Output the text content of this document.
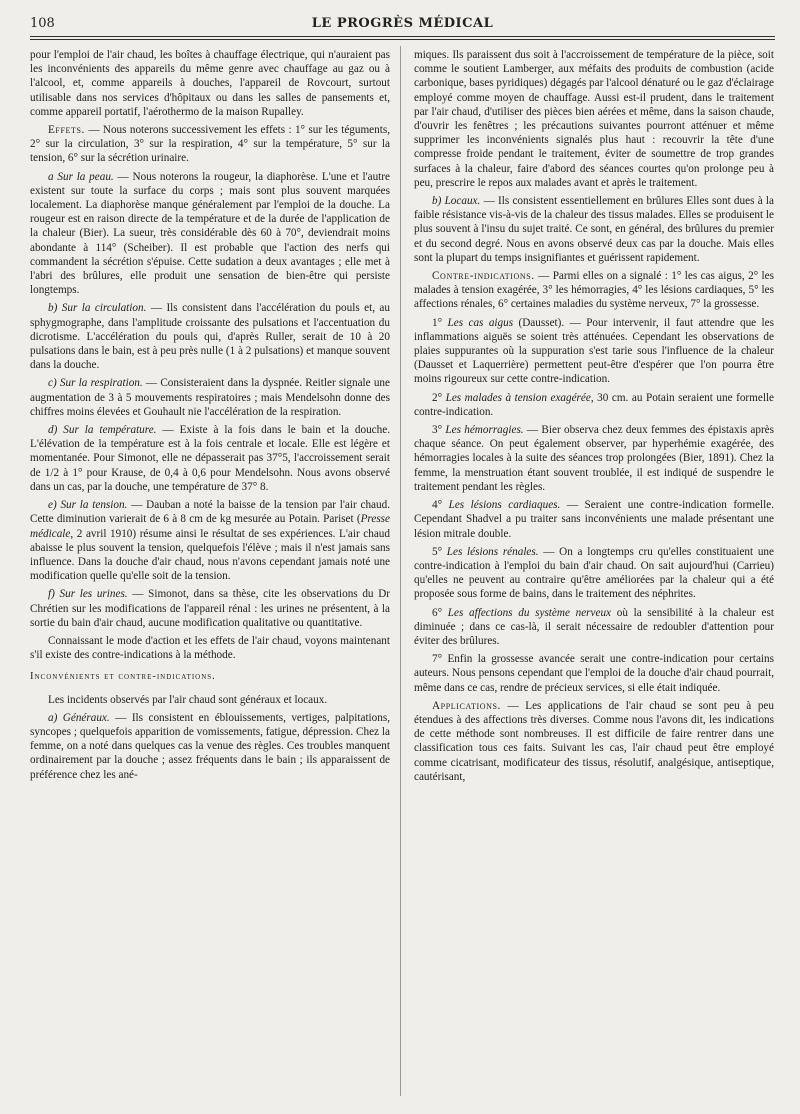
108	LE PROGRÈS MÉDICAL

pour l'emploi de l'air chaud, les boîtes à chauffage électrique, qui n'auraient pas les inconvénients des appareils du même genre avec chauffage au gaz ou à l'alcool, et, comme appareils à douches, l'appareil de Rovcourt, surtout utilisable dans nos services d'hôpitaux ou dans les salles de pansements et, comme appareil portatif, l'aérothermo de la maison Rupalley.

Effets. — Nous noterons successivement les effets : 1° sur les téguments, 2° sur la circulation, 3° sur la respiration, 4° sur la température, 5° sur la tension, 6° sur la sécrétion urinaire.

a Sur la peau. — Nous noterons la rougeur, la diaphorèse. L'une et l'autre existent sur toute la surface du corps ; mais sont plus souvent marquées localement. La diaphorèse manque généralement par l'emploi de la douche. La rougeur est en raison directe de la température et de la durée de l'application de la chaleur (Bier). La sueur, très considérable dès 60 à 70°, deviendrait moins abondante à 114° (Scheiber). Il est probable que l'action des nerfs qui commandent la sécrétion s'épuise. Cette sudation a deux avantages ; elle met à l'abri des brûlures, elle produit une sensation de bien-être qui persiste longtemps.

b) Sur la circulation. — Ils consistent dans l'accélération du pouls et, au sphygmographe, dans l'amplitude croissante des pulsations et l'accentuation du dicrotisme. L'accélération du pouls qui, d'après Ruller, serait de 10 à 20 pulsations dans le bain, est à peu près nulle (1 à 2 pulsations) et manque souvent dans la douche.

c) Sur la respiration. — Consisteraient dans la dyspnée. Reitler signale une augmentation de 3 à 5 mouvements respiratoires ; mais Mendelsohn donne des chiffres moins élevées et Gouhault nie l'accélération de la respiration.

d) Sur la température. — Existe à la fois dans le bain et la douche. L'élévation de la température est à la fois centrale et locale. Elle est légère et momentanée. Pour Simonot, elle ne dépasserait pas 37°5, l'accroissement serait de 1/2 à 1° pour Krause, de 0,4 à 0,6 pour Mendelsohn. Nous avons observé dans un cas, par la douche, une température de 37° 8.

e) Sur la tension. — Dauban a noté la baisse de la tension par l'air chaud. Cette diminution varierait de 6 à 8 cm de kg mesurée au Potain. Pariset (Presse médicale, 2 avril 1910) résume ainsi le résultat de ses expériences. L'air chaud abaisse le plus souvent la tension, quelquefois l'élève ; mais il n'est jamais sans influence. Dans la douche d'air chaud, nous n'avons cependant jamais noté une modification quelle qu'elle soit de la tension.

f) Sur les urines. — Simonot, dans sa thèse, cite les observations du Dr Chrétien sur les modifications de l'appareil rénal : les urines ne présentent, à la sortie du bain d'air chaud, aucune modification qualitative ou quantitative.

Connaissant le mode d'action et les effets de l'air chaud, voyons maintenant s'il existe des contre-indications à la méthode.

Inconvénients et contre-indications.

Les incidents observés par l'air chaud sont généraux et locaux.

a) Généraux. — Ils consistent en éblouissements, vertiges, palpitations, syncopes ; quelquefois apparition de vomissements, fatigue, dépression. Chez la femme, on a noté dans quelques cas la venue des règles. Ces troubles manquent ordinairement par la douche ; assez fréquents dans le bain ; ils apparaissent de préférence chez les ané-

miques. Ils paraissent dus soit à l'accroissement de température de la pièce, soit comme le soutient Lamberger, aux méfaits des produits de combustion (acide carbonique, bases pyridiques) dégagés par l'alcool dénaturé ou le gaz d'éclairage employé comme moyen de chauffage. Aussi est-il prudent, dans le traitement par l'air chaud, d'utiliser des pièces bien aérées et même, dans la saison chaude, d'ouvrir les fenêtres ; les précautions suivantes pourront atténuer et même supprimer les inconvénients signalés plus haut : recouvrir la tête d'une compresse froide pendant le traitement, éviter de soumettre de trop grandes surfaces à la chaleur, faire d'abord des séances courtes qu'on prolonge peu à peu, prescrire le repos aux malades avant et après le traitement.

b) Locaux. — Ils consistent essentiellement en brûlures Elles sont dues à la faible résistance vis-à-vis de la chaleur des tissus malades. Elles se produisent le plus souvent à l'insu du sujet traité. Ce sont, en général, des brûlures du premier et du second degré. Nous en avons observé deux cas par la douche. Mais elles sont la plupart du temps insignifiantes et guérissent rapidement.

Contre-indications. — Parmi elles on a signalé : 1° les cas aigus, 2° les malades à tension exagérée, 3° les hémorragies, 4° les lésions cardiaques, 5° les affections rénales, 6° certaines maladies du système nerveux, 7° la grossesse.

1° Les cas aigus (Dausset). — Pour intervenir, il faut attendre que les inflammations aiguës se soient très atténuées. Cependant les observations de plaies suppurantes où la suppuration s'est tarie sous l'influence de la chaleur (Dausset et Laquerrière) permettent peut-être d'espérer que l'on pourra être moins rigoureux sur cette contre-indication.

2° Les malades à tension exagérée, 30 cm. au Potain seraient une formelle contre-indication.

3° Les hémorragies. — Bier observa chez deux femmes des épistaxis après chaque séance. On peut également observer, par hyperhémie exagérée, des hémorragies locales à la suite des séances trop prolongées (Bier, 1891). Chez la femme, la menstruation étant souvent troublée, il est indiqué de suspendre le traitement pendant les règles.

4° Les lésions cardiaques. — Seraient une contre-indication formelle. Cependant Shadvel a pu traiter sans inconvénients une malade présentant une lésion mitrale double.

5° Les lésions rénales. — On a longtemps cru qu'elles constituaient une contre-indication à l'emploi du bain d'air chaud. On sait aujourd'hui (Carrieu) qu'elles ne peuvent au contraire qu'être améliorées par la chaleur qui a été proposée sous forme de bains, dans le traitement des néphrites.

6° Les affections du système nerveux où la sensibilité à la chaleur est diminuée ; dans ce cas-là, il serait nécessaire de redoubler d'attention pour éviter des brûlures.

7° Enfin la grossesse avancée serait une contre-indication pour certains auteurs. Nous pensons cependant que l'emploi de la douche d'air chaud pourrait, même dans ce cas, rendre de précieux services, si elle était indiquée.

Applications. — Les applications de l'air chaud se sont peu à peu étendues à des affections très diverses. Comme nous l'avons dit, les indications de cette méthode sont nombreuses. Il est difficile de faire rentrer dans une classification tous ces faits. Suivant les cas, l'air chaud peut être employé comme cicatrisant, modificateur des tissus, résolutif, analgésique, antiseptique, cautérisant,
